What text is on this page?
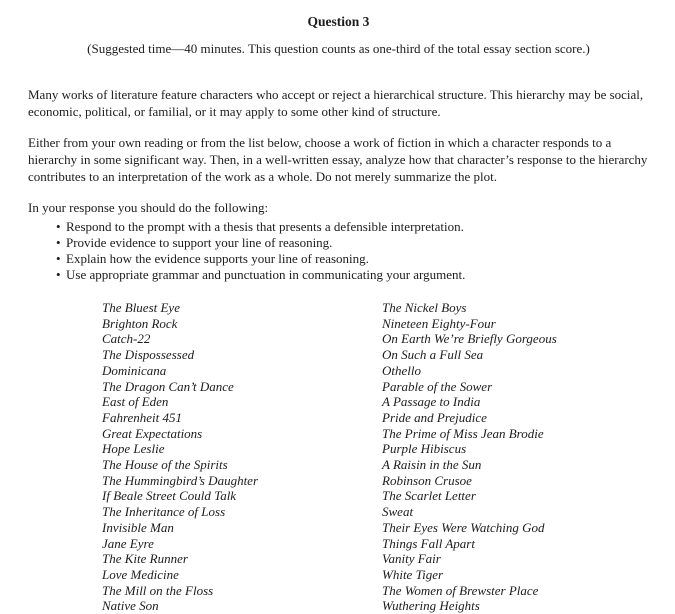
Question 3
(Suggested time—40 minutes. This question counts as one-third of the total essay section score.)

Many works of literature feature characters who accept or reject a hierarchical structure. This hierarchy may be social, economic, political, or familial, or it may apply to some other kind of structure.

Either from your own reading or from the list below, choose a work of fiction in which a character responds to a hierarchy in some significant way. Then, in a well-written essay, analyze how that character’s response to the hierarchy contributes to an interpretation of the work as a whole. Do not merely summarize the plot.

In your response you should do the following:

• Respond to the prompt with a thesis that presents a defensible interpretation.
• Provide evidence to support your line of reasoning.
• Explain how the evidence supports your line of reasoning.
• Use appropriate grammar and punctuation in communicating your argument.
The Bluest Eye
Brighton Rock
Catch-22
The Dispossessed
Dominicana
The Dragon Can’t Dance
East of Eden
Fahrenheit 451
Great Expectations
Hope Leslie
The House of the Spirits
The Hummingbird’s Daughter
If Beale Street Could Talk
The Inheritance of Loss
Invisible Man
Jane Eyre
The Kite Runner
Love Medicine
The Mill on the Floss
Native Son
The Nickel Boys
Nineteen Eighty-Four
On Earth We’re Briefly Gorgeous
On Such a Full Sea
Othello
Parable of the Sower
A Passage to India
Pride and Prejudice
The Prime of Miss Jean Brodie
Purple Hibiscus
A Raisin in the Sun
Robinson Crusoe
The Scarlet Letter
Sweat
Their Eyes Were Watching God
Things Fall Apart
Vanity Fair
White Tiger
The Women of Brewster Place
Wuthering Heights
